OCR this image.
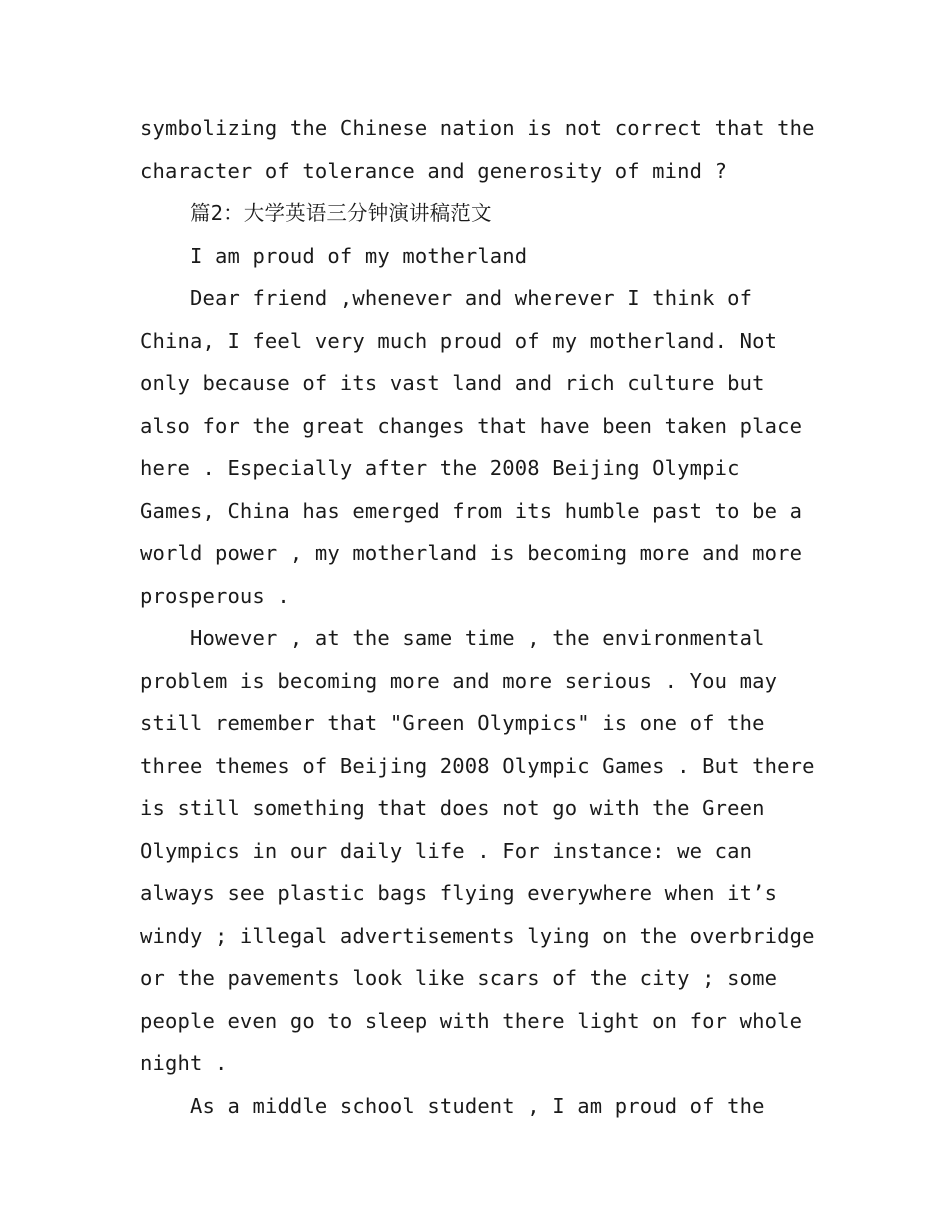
symbolizing the Chinese nation is not correct that the
character of tolerance and generosity of mind ?
篇2：大学英语三分钟演讲稿范文
I am proud of my motherland
Dear friend ,whenever and wherever I think of
China, I feel very much proud of my motherland. Not
only because of its vast land and rich culture but
also for the great changes that have been taken place
here . Especially after the 2008 Beijing Olympic
Games, China has emerged from its humble past to be a
world power , my motherland is becoming more and more
prosperous .
However , at the same time , the environmental
problem is becoming more and more serious . You may
still remember that "Green Olympics" is one of the
three themes of Beijing 2008 Olympic Games . But there
is still something that does not go with the Green
Olympics in our daily life . For instance: we can
always see plastic bags flying everywhere when it’s
windy ; illegal advertisements lying on the overbridge
or the pavements look like scars of the city ; some
people even go to sleep with there light on for whole
night .
As a middle school student , I am proud of the
